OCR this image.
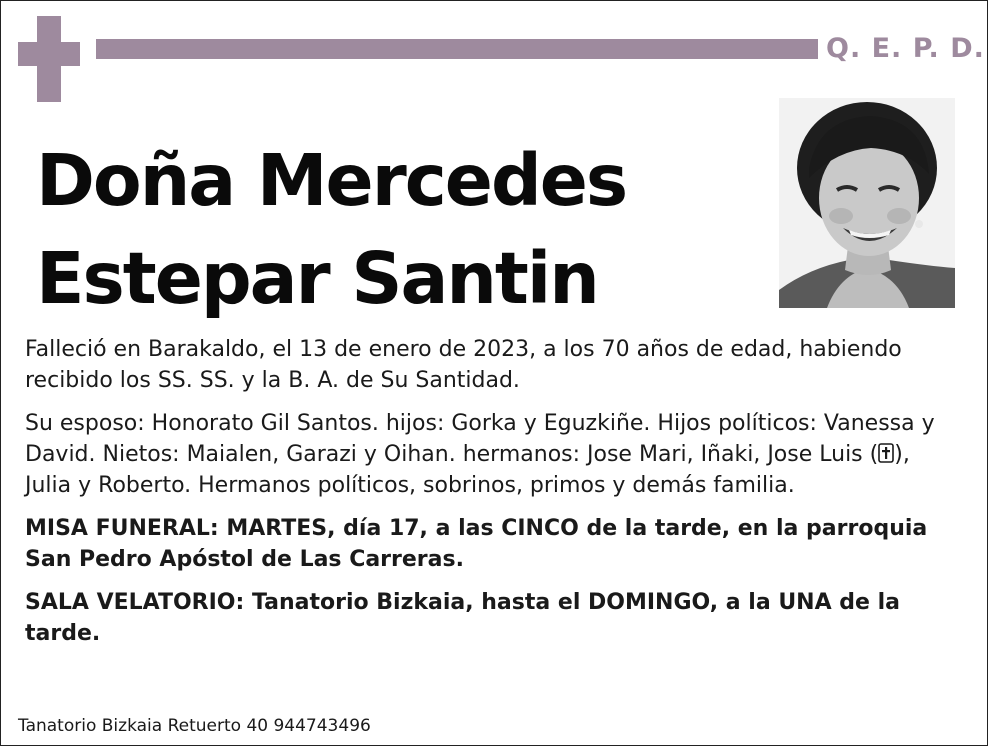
Q. E. P. D.
Doña Mercedes
Estepar Santin

Falleció en Barakaldo, el 13 de enero de 2023, a los 70 años de edad, habiendo recibido los SS. SS. y la B. A. de Su Santidad.

Su esposo: Honorato Gil Santos. hijos: Gorka y Eguzkiñe. Hijos políticos: Vanessa y David. Nietos: Maialen, Garazi y Oihan. hermanos: Jose Mari, Iñaki, Jose Luis ( ), Julia y Roberto. Hermanos políticos, sobrinos, primos y demás familia.

MISA FUNERAL: MARTES, día 17, a las CINCO de la tarde, en la parroquia San Pedro Apóstol de Las Carreras.

SALA VELATORIO: Tanatorio Bizkaia, hasta el DOMINGO, a la UNA de la tarde.

Tanatorio Bizkaia Retuerto 40 944743496
